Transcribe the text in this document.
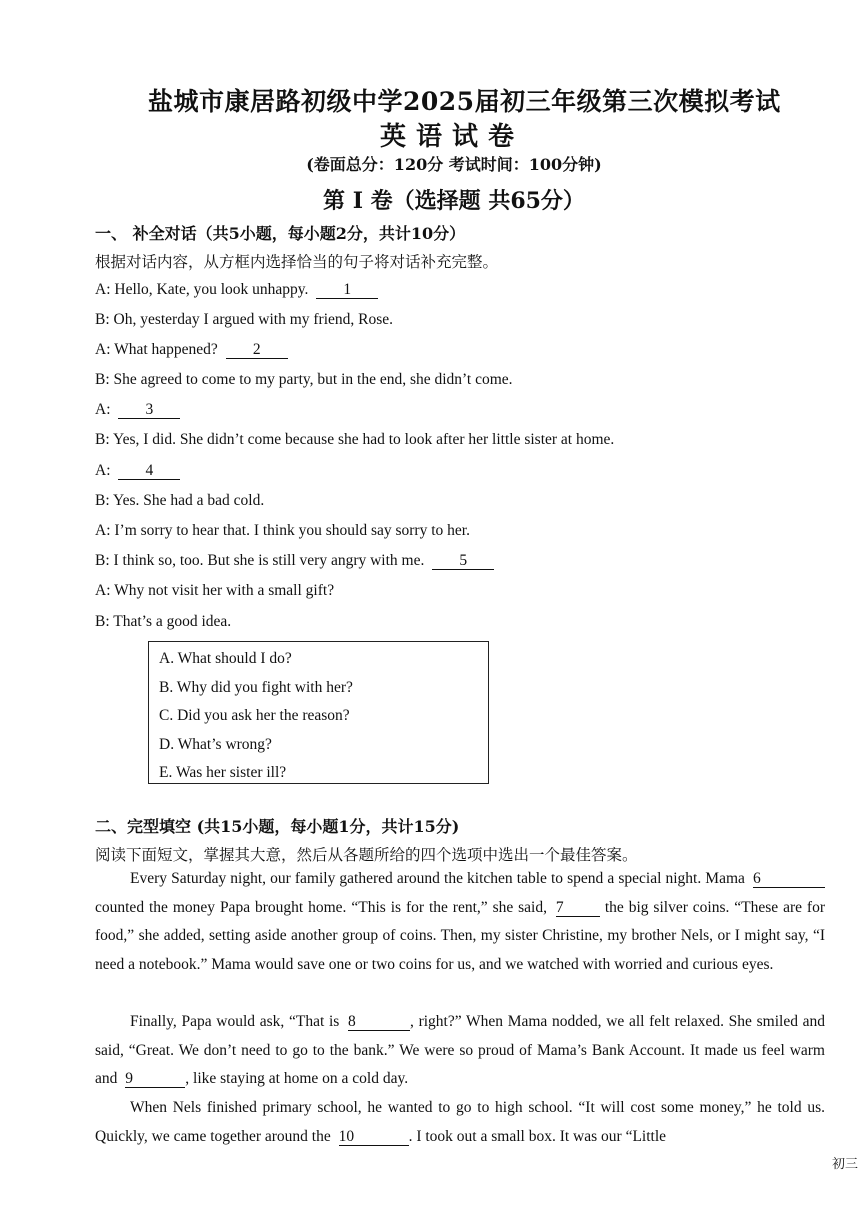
盐城市康居路初级中学2025届初三年级第三次模拟考试
英语试卷
(卷面总分：120分 考试时间：100分钟)
第 I 卷（选择题 共65分）
一、 补全对话（共5小题，每小题2分，共计10分）
根据对话内容，从方框内选择恰当的句子将对话补充完整。
A: Hello, Kate, you look unhappy. 1
B: Oh, yesterday I argued with my friend, Rose.
A: What happened? 2
B: She agreed to come to my party, but in the end, she didn’t come.
A: 3
B: Yes, I did. She didn’t come because she had to look after her little sister at home.
A: 4
B: Yes. She had a bad cold.
A: I’m sorry to hear that. I think you should say sorry to her.
B: I think so, too. But she is still very angry with me. 5
A: Why not visit her with a small gift?
B: That’s a good idea.
A. What should I do?
B. Why did you fight with her?
C. Did you ask her the reason?
D. What’s wrong?
E. Was her sister ill?
二、完型填空 (共15小题，每小题1分，共计15分)
阅读下面短文，掌握其大意，然后从各题所给的四个选项中选出一个最佳答案。
Every Saturday night, our family gathered around the kitchen table to spend a special night. Mama 6 counted the money Papa brought home. “This is for the rent,” she said, 7	the big silver coins. “These are for food,” she added, setting aside another group of coins. Then, my sister Christine, my brother Nels, or I might say, “I need a notebook.” Mama would save one or two coins for us, and we watched with worried and curious eyes.
Finally, Papa would ask, “That is 8	, right?” When Mama nodded, we all felt relaxed. She smiled and said, “Great. We don’t need to go to the bank.” We were so proud of Mama’s Bank Account. It made us feel warm and 9	, like staying at home on a cold day.
When Nels finished primary school, he wanted to go to high school. “It will cost some money,” he told us. Quickly, we came together around the 10	. I took out a small box. It was our “Little
初三
